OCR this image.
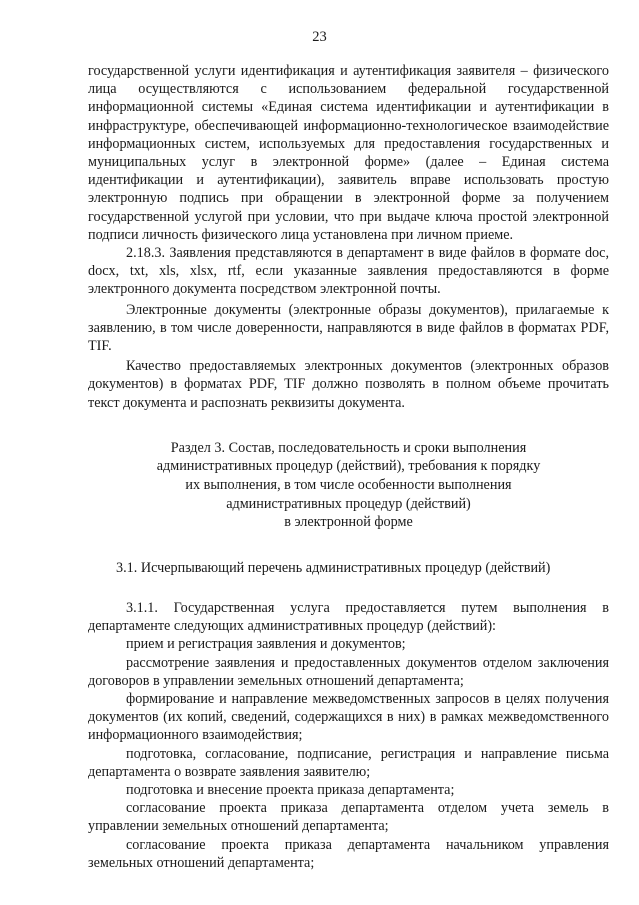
23

государственной услуги идентификация и аутентификация заявителя – физического лица осуществляются с использованием федеральной государственной информационной системы «Единая система идентификации и аутентификации в инфраструктуре, обеспечивающей информационно-технологическое взаимодействие информационных систем, используемых для предоставления государственных и муниципальных услуг в электронной форме» (далее – Единая система идентификации и аутентификации), заявитель вправе использовать простую электронную подпись при обращении в электронной форме за получением государственной услугой при условии, что при выдаче ключа простой электронной подписи личность физического лица установлена при личном приеме.

2.18.3. Заявления представляются в департамент в виде файлов в формате doc, docx, txt, xls, xlsx, rtf, если указанные заявления предоставляются в форме электронного документа посредством электронной почты.

Электронные документы (электронные образы документов), прилагаемые к заявлению, в том числе доверенности, направляются в виде файлов в форматах PDF, TIF.

Качество предоставляемых электронных документов (электронных образов документов) в форматах PDF, TIF должно позволять в полном объеме прочитать текст документа и распознать реквизиты документа.

Раздел 3. Состав, последовательность и сроки выполнения

административных процедур (действий), требования к порядку

их выполнения, в том числе особенности выполнения

административных процедур (действий)

в электронной форме

3.1. Исчерпывающий перечень административных процедур (действий)

3.1.1. Государственная услуга предоставляется путем выполнения в департаменте следующих административных процедур (действий):

прием и регистрация заявления и документов;

рассмотрение заявления и предоставленных документов отделом заключения договоров в управлении земельных отношений департамента;

формирование и направление межведомственных запросов в целях получения документов (их копий, сведений, содержащихся в них) в рамках межведомственного информационного взаимодействия;

подготовка, согласование, подписание, регистрация и направление письма департамента о возврате заявления заявителю;

подготовка и внесение проекта приказа департамента;

согласование проекта приказа департамента отделом учета земель в управлении земельных отношений департамента;

согласование проекта приказа департамента начальником управления земельных отношений департамента;
